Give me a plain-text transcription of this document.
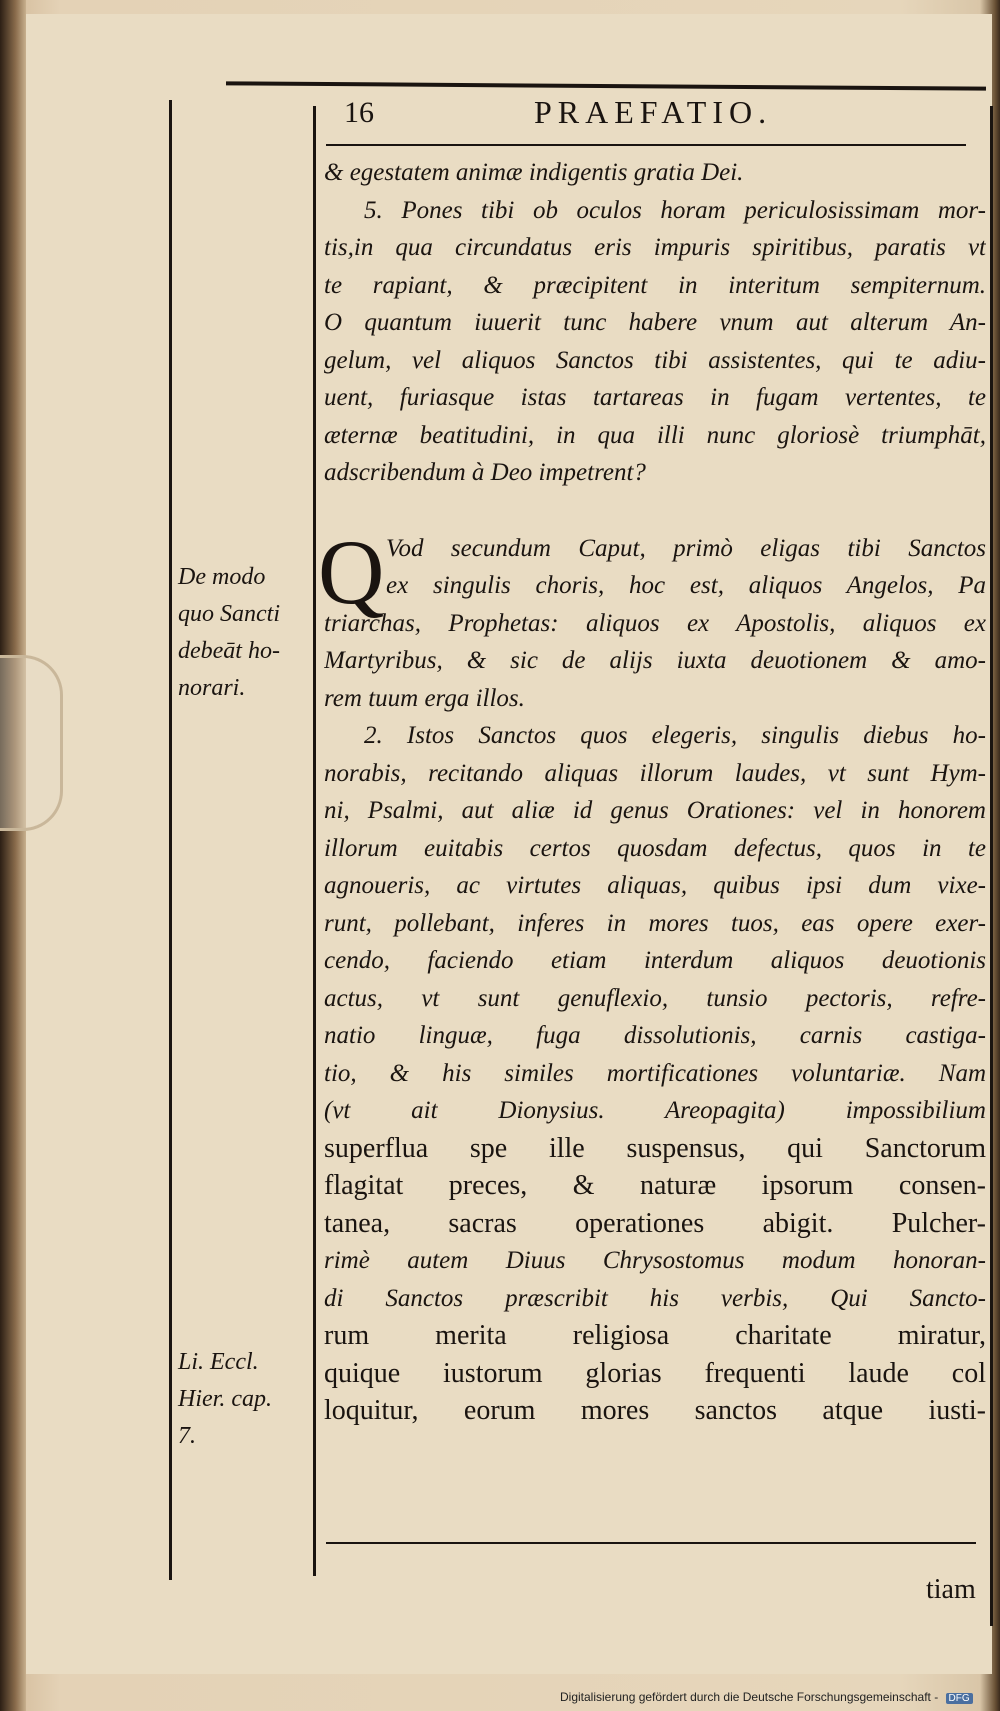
16	PRAEFATIO.
De modo
quo Sancti
debeāt ho-
norari.
Li. Eccl.
Hier. cap.
7.
& egestatem animæ indigentis gratia Dei.
5. Pones tibi ob oculos horam periculosissimam mor-
tis,in qua circundatus eris impuris spiritibus, paratis vt
te rapiant, & præcipitent in interitum sempiternum.
O quantum iuuerit tunc habere vnum aut alterum An-
gelum, vel aliquos Sanctos tibi assistentes, qui te adiu-
uent, furiasque istas tartareas in fugam vertentes, te
æternæ beatitudini, in qua illi nunc gloriosè triumphāt,
adscribendum à Deo impetrent?
Q Vod secundum Caput, primò eligas tibi Sanctos
ex singulis choris, hoc est, aliquos Angelos, Pa
triarchas, Prophetas: aliquos ex Apostolis, aliquos ex
Martyribus, & sic de alijs iuxta deuotionem & amo-
rem tuum erga illos.
2. Istos Sanctos quos elegeris, singulis diebus ho-
norabis, recitando aliquas illorum laudes, vt sunt Hym-
ni, Psalmi, aut aliæ id genus Orationes: vel in honorem
illorum euitabis certos quosdam defectus, quos in te
agnoueris, ac virtutes aliquas, quibus ipsi dum vixe-
runt, pollebant, inferes in mores tuos, eas opere exer-
cendo, faciendo etiam interdum aliquos deuotionis
actus, vt sunt genuflexio, tunsio pectoris, refre-
natio linguæ, fuga dissolutionis, carnis castiga-
tio, & his similes mortificationes voluntariæ. Nam
(vt ait Dionysius. Areopagita) impossibilium
superflua spe ille suspensus, qui Sanctorum
flagitat preces, & naturæ ipsorum consen-
tanea, sacras operationes abigit. Pulcher-
rimè autem Diuus Chrysostomus modum honoran-
di Sanctos præscribit his verbis, Qui Sancto-
rum merita religiosa charitate miratur,
quique iustorum glorias frequenti laude col
loquitur, eorum mores sanctos atque iusti-
tiam
Digitalisierung gefördert durch die Deutsche Forschungsgemeinschaft - DFG
